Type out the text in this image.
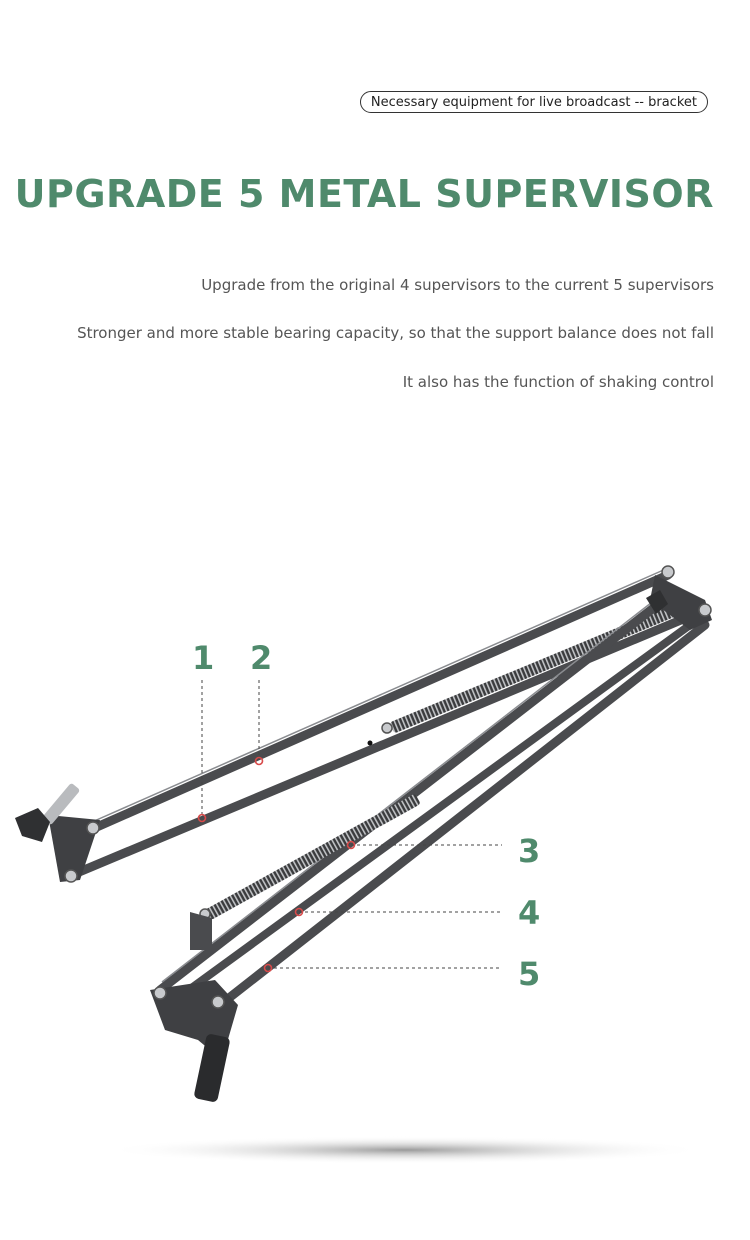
Necessary equipment for live broadcast -- bracket
UPGRADE 5 METAL SUPERVISOR

Upgrade from the original 4 supervisors to the current 5 supervisors

Stronger and more stable bearing capacity, so that the support balance does not fall

It also has the function of shaking control

1 2
3
4
5
